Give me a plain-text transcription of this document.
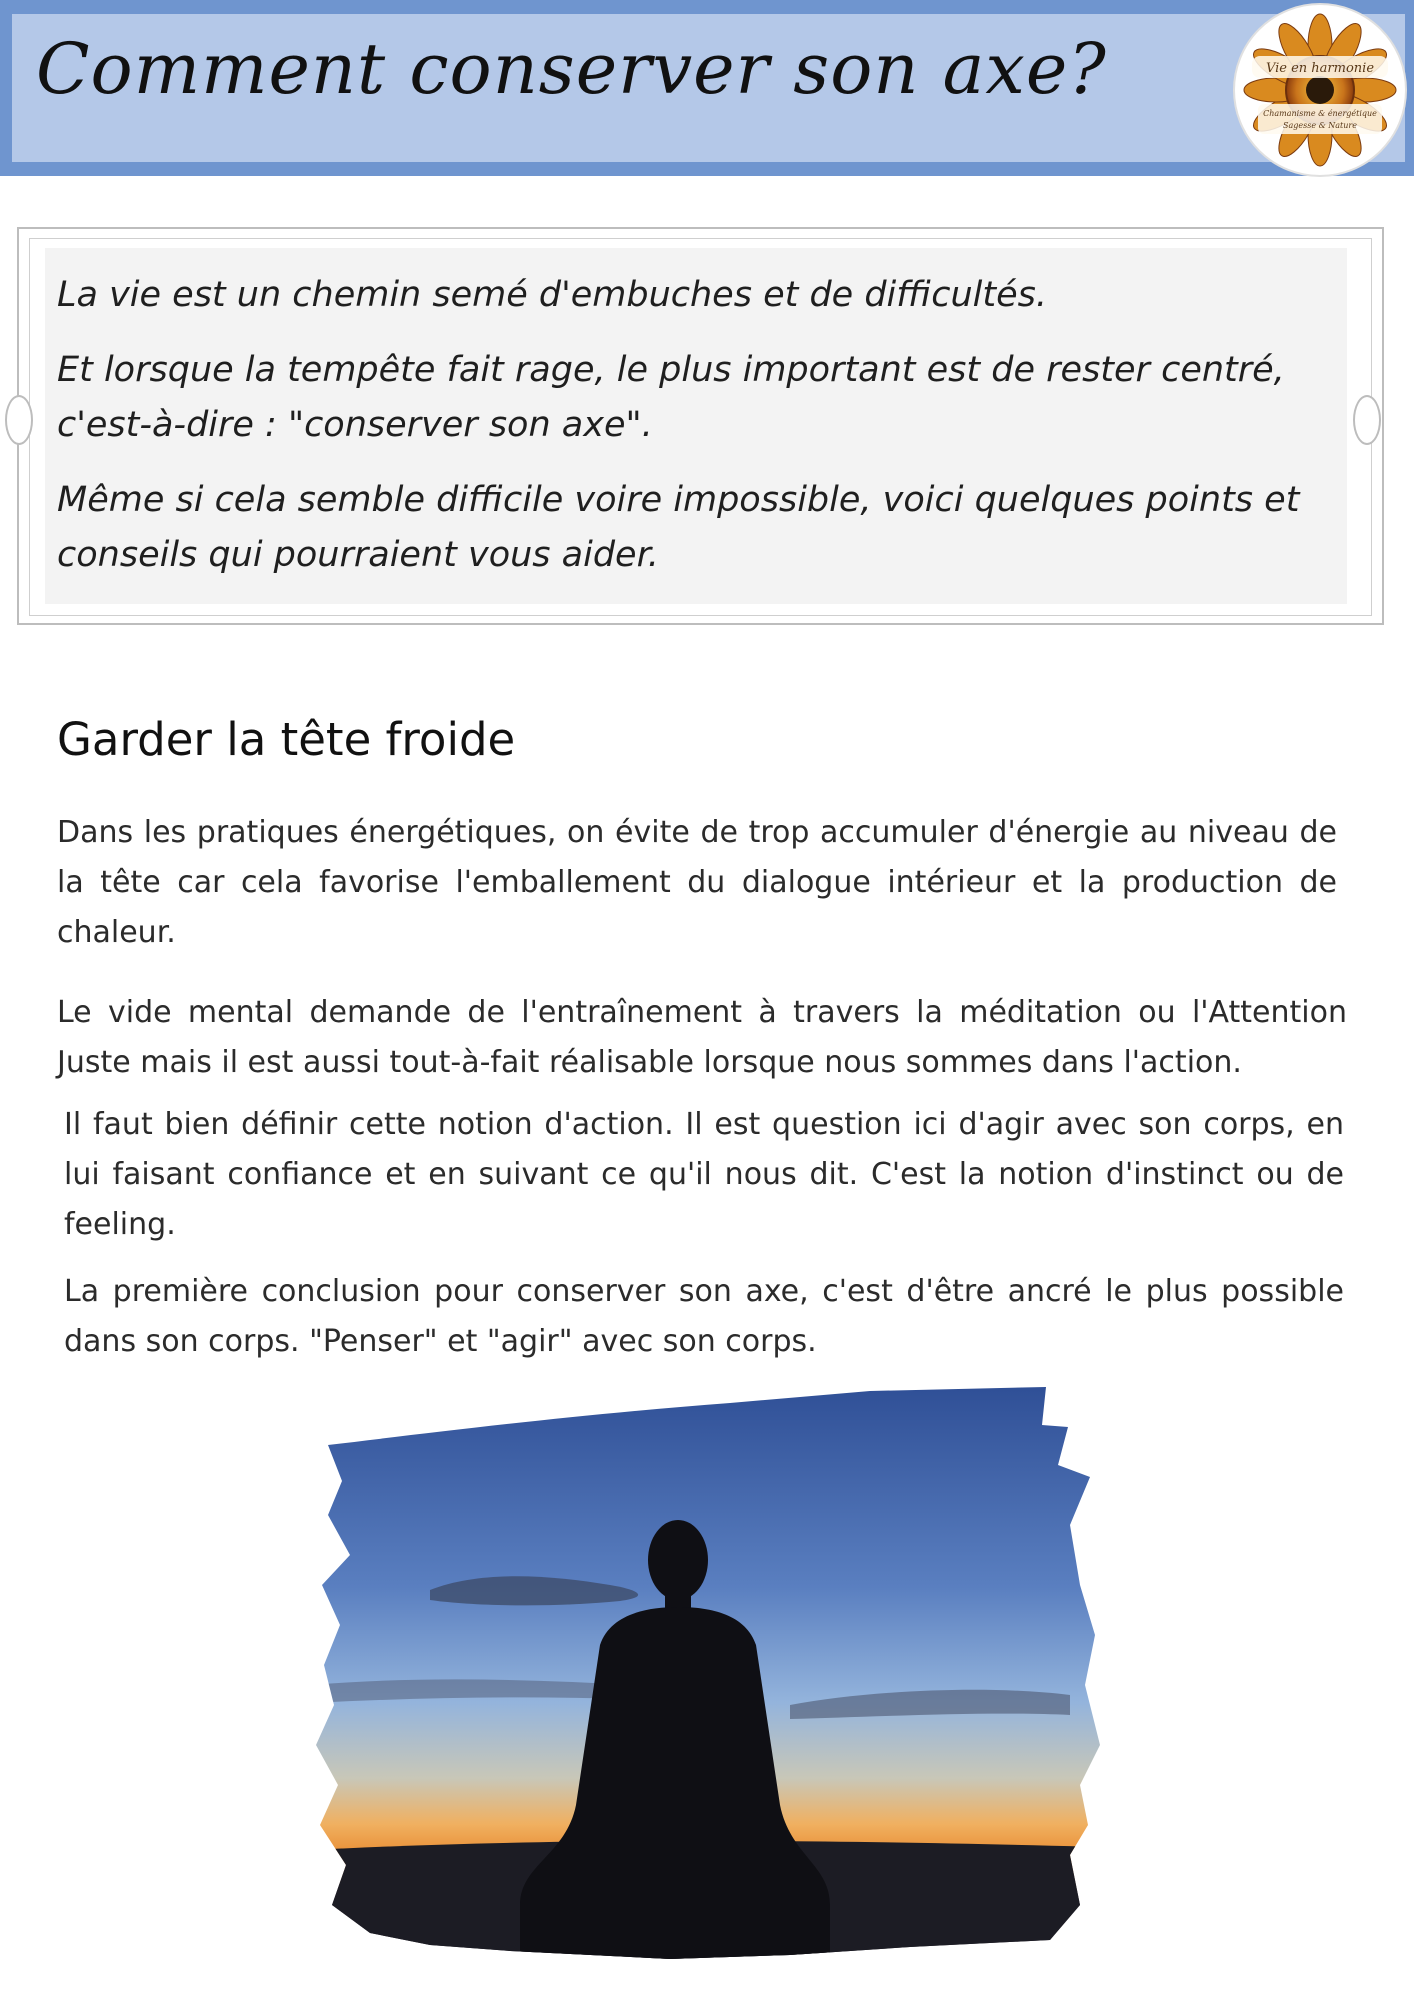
Comment conserver son axe?	Vie en harmonie
Chamanisme & énergétique
Sagesse & Nature

La vie est un chemin semé d'embuches et de difficultés.

Et lorsque la tempête fait rage, le plus important est de rester centré, c'est-à-dire : "conserver son axe".

Même si cela semble difficile voire impossible, voici quelques points et conseils qui pourraient vous aider.

Garder la tête froide

Dans les pratiques énergétiques, on évite de trop accumuler d'énergie au niveau de la tête car cela favorise l'emballement du dialogue intérieur et la production de chaleur.

Le vide mental demande de l'entraînement à travers la méditation ou l'Attention Juste mais il est aussi tout-à-fait réalisable lorsque nous sommes dans l'action.

Il faut bien définir cette notion d'action. Il est question ici d'agir avec son corps, en lui faisant confiance et en suivant ce qu'il nous dit. C'est la notion d'instinct ou de feeling.

La première conclusion pour conserver son axe, c'est d'être ancré le plus possible dans son corps. "Penser" et "agir" avec son corps.
